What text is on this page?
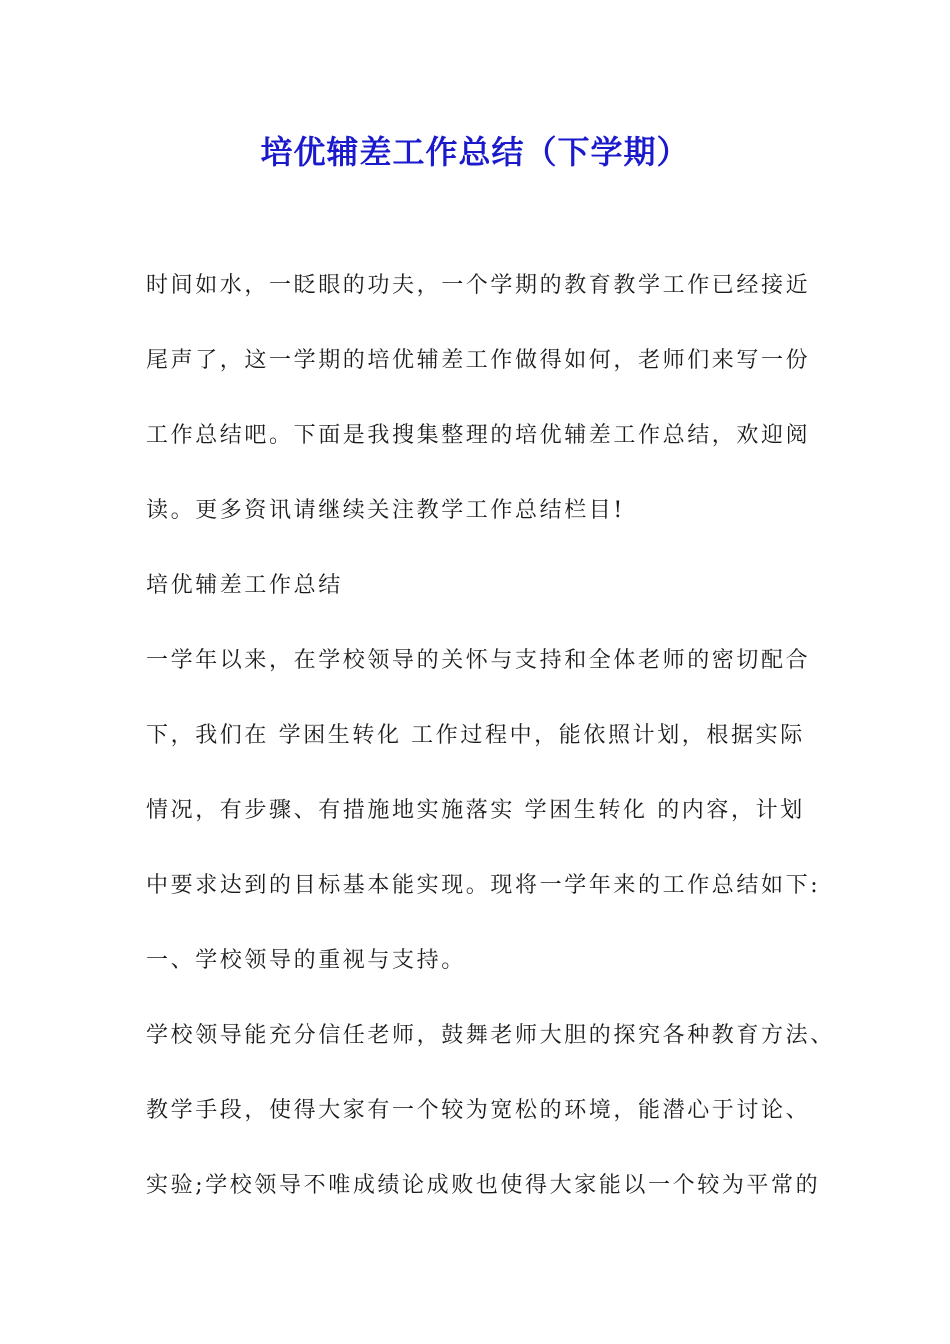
培优辅差工作总结（下学期）
时间如水，一眨眼的功夫，一个学期的教育教学工作已经接近
尾声了，这一学期的培优辅差工作做得如何，老师们来写一份
工作总结吧。下面是我搜集整理的培优辅差工作总结，欢迎阅
读。更多资讯请继续关注教学工作总结栏目!
培优辅差工作总结
一学年以来，在学校领导的关怀与支持和全体老师的密切配合
下，我们在 学困生转化 工作过程中，能依照计划，根据实际
情况，有步骤、有措施地实施落实 学困生转化 的内容，计划
中要求达到的目标基本能实现。现将一学年来的工作总结如下:
一、学校领导的重视与支持。
学校领导能充分信任老师，鼓舞老师大胆的探究各种教育方法、
教学手段，使得大家有一个较为宽松的环境，能潜心于讨论、
实验;学校领导不唯成绩论成败也使得大家能以一个较为平常的
